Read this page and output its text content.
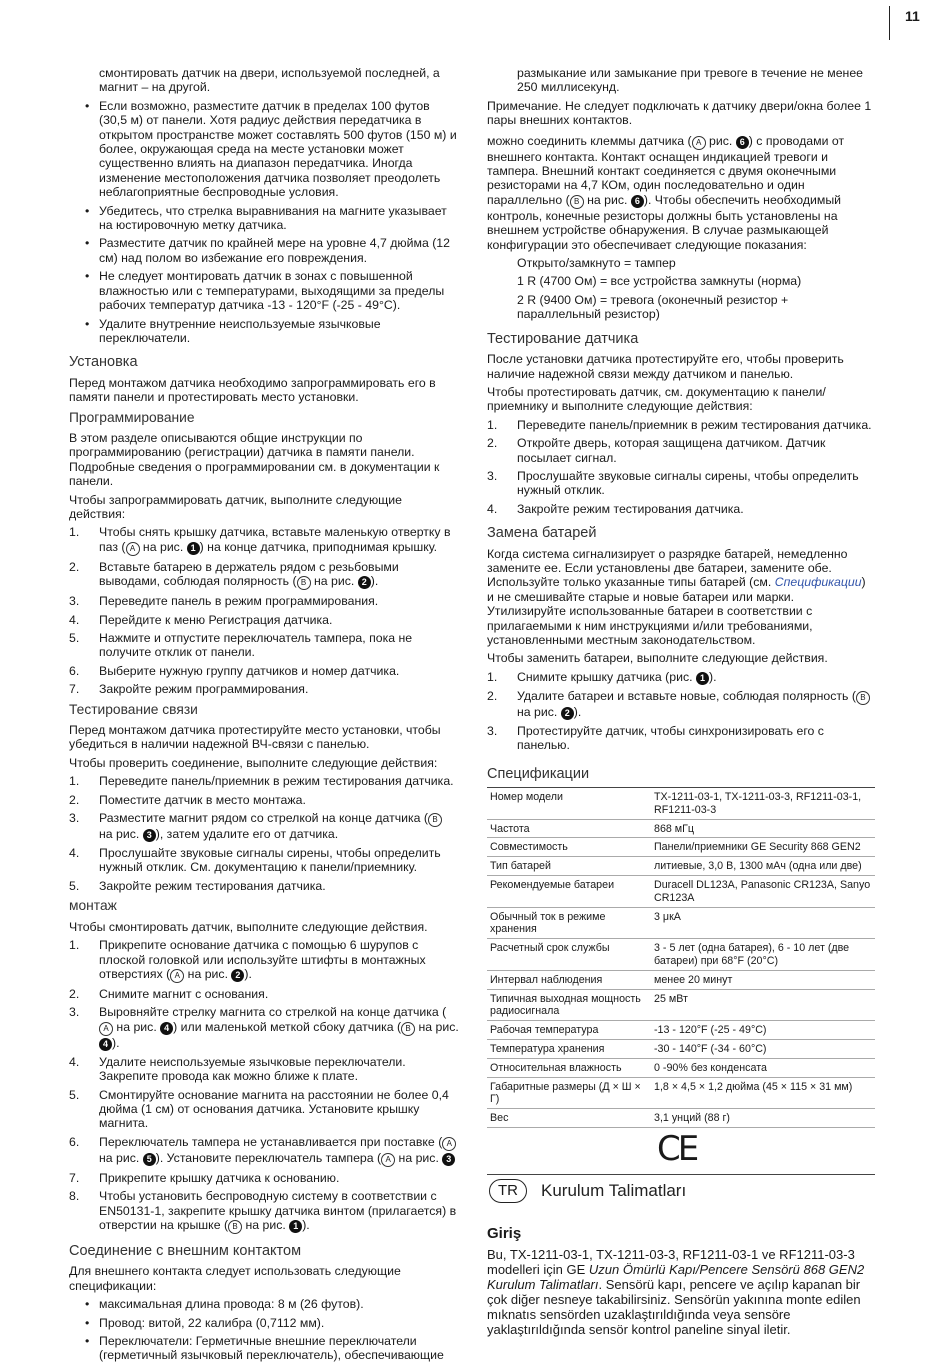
11
смонтировать датчик на двери, используемой последней, а магнит – на другой.
• Если возможно, разместите датчик в пределах 100 футов (30,5 м) от панели. Хотя радиус действия передатчика в открытом пространстве может составлять 500 футов (150 м) и более, окружающая среда на месте установки может существенно влиять на диапазон передатчика. Иногда изменение местоположения датчика позволяет преодолеть неблагоприятные беспроводные условия.
• Убедитесь, что стрелка выравнивания на магните указывает на юстировочную метку датчика.
• Разместите датчик по крайней мере на уровне 4,7 дюйма (12 см) над полом во избежание его повреждения.
• Не следует монтировать датчик в зонах с повышенной влажностью или с температурами, выходящими за пределы рабочих температур датчика -13 - 120°F (-25 - 49°C).
• Удалите внутренние неиспользуемые язычковые переключатели.
Установка

Перед монтажом датчика необходимо запрограммировать его в памяти панели и протестировать место установки.

Программирование

В этом разделе описываются общие инструкции по программированию (регистрации) датчика в памяти панели. Подробные сведения о программировании см. в документации к панели.

Чтобы запрограммировать датчик, выполните следующие действия:

1. Чтобы снять крышку датчика, вставьте маленькую отвертку в паз ( A на рис. 1 ) на конце датчика, приподнимая крышку.
2. Вставьте батарею в держатель рядом с резьбовыми выводами, соблюдая полярность ( B на рис. 2 ).
3. Переведите панель в режим программирования.
4. Перейдите к меню Регистрация датчика.
5. Нажмите и отпустите переключатель тампера, пока не получите отклик от панели.
6. Выберите нужную группу датчиков и номер датчика.
7. Закройте режим программирования.
Тестирование связи

Перед монтажом датчика протестируйте место установки, чтобы убедиться в наличии надежной ВЧ-связи с панелью.

Чтобы проверить соединение, выполните следующие действия:

1. Переведите панель/приемник в режим тестирования датчика.
2. Поместите датчик в место монтажа.
3. Разместите магнит рядом со стрелкой на конце датчика ( B на рис. 3 ), затем удалите его от датчика.
4. Прослушайте звуковые сигналы сирены, чтобы определить нужный отклик. См. документацию к панели/приемнику.
5. Закройте режим тестирования датчика.
монтаж

Чтобы смонтировать датчик, выполните следующие действия.

1. Прикрепите основание датчика с помощью 6 шурупов с плоской головкой или используйте штифты в монтажных отверстиях ( A на рис. 2 ).
2. Снимите магнит с основания.
3. Выровняйте стрелку магнита со стрелкой на конце датчика (A на рис. 4 ) или маленькой меткой сбоку датчика ( B на рис. 4 ).
4. Удалите неиспользуемые язычковые переключатели. Закрепите провода как можно ближе к плате.
5. Смонтируйте основание магнита на расстоянии не более 0,4 дюйма (1 см) от основания датчика. Установите крышку магнита.
6. Переключатель тампера не устанавливается при поставке ( A на рис. 5 ). Установите переключатель тампера ( A на рис. 3
7. Прикрепите крышку датчика к основанию.
8. Чтобы установить беспроводную систему в соответствии с EN50131-1, закрепите крышку датчика винтом (прилагается) в отверстии на крышке ( B на рис. 1 ).
Соединение с внешним контактом

Для внешнего контакта следует использовать следующие спецификации:

• максимальная длина провода: 8 м (26 футов).
• Провод: витой, 22 калибра (0,7112 мм).
• Переключатели: Герметичные внешние переключатели (герметичный язычковый переключатель), обеспечивающие
размыкание или замыкание при тревоге в течение не менее 250 миллисекунд.

Примечание. Не следует подключать к датчику двери/окна более 1 пары внешних контактов.

можно соединить клеммы датчика ( A рис. 6 ) с проводами от внешнего контакта. Контакт оснащен индикацией тревоги и тампера. Внешний контакт соединяется с двумя оконечными резисторами на 4,7 КОм, один последовательно и один параллельно ( B на рис. 6 ). Чтобы обеспечить необходимый контроль, конечные резисторы должны быть установлены на внешнем устройстве обнаружения. В случае размыкающей конфигурации это обеспечивает следующие показания:

Открыто/замкнуто = тампер
1 R (4700 Ом) = все устройства замкнуты (норма)
2 R (9400 Ом) = тревога (оконечный резистор + параллельный резистор)
Тестирование датчика

После установки датчика протестируйте его, чтобы проверить наличие надежной связи между датчиком и панелью.

Чтобы протестировать датчик, см. документацию к панели/приемнику и выполните следующие действия:

1. Переведите панель/приемник в режим тестирования датчика.
2. Откройте дверь, которая защищена датчиком. Датчик посылает сигнал.
3. Прослушайте звуковые сигналы сирены, чтобы определить нужный отклик.
4. Закройте режим тестирования датчика.
Замена батарей

Когда система сигнализирует о разрядке батарей, немедленно замените ее. Если установлены две батареи, замените обе. Используйте только указанные типы батарей (см. Спецификации) и не смешивайте старые и новые батареи или марки. Утилизируйте использованные батареи в соответствии с прилагаемыми к ним инструкциями и/или требованиями, установленными местным законодательством.

Чтобы заменить батареи, выполните следующие действия.

1. Снимите крышку датчика (рис. 1 ).
2. Удалите батареи и вставьте новые, соблюдая полярность ( B на рис. 2 ).
3. Протестируйте датчик, чтобы синхронизировать его с панелью.
Спецификации
Номер модели	TX-1211-03-1, TX-1211-03-3, RF1211-03-1, RF1211-03-3
Частота	868 мГц
Совместимость	Панели/приемники GE Security 868 GEN2
Тип батарей	литиевые, 3,0 В, 1300 мАч (одна или две)
Рекомендуемые батареи	Duracell DL123A, Panasonic CR123A, Sanyo CR123A
Обычный ток в режиме хранения	3 μкА
Расчетный срок службы	3 - 5 лет (одна батарея), 6 - 10 лет (две батареи) при 68°F (20°C)
Интервал наблюдения	менее 20 минут
Типичная выходная мощность радиосигнала	25 мВт
Рабочая температура	-13 - 120°F (-25 - 49°C)
Температура хранения	-30 - 140°F (-34 - 60°C)
Относительная влажность	0 -90% без конденсата
Габаритные размеры (Д × Ш × Г)	1,8 × 4,5 × 1,2 дюйма (45 × 115 × 31 мм)
Вес	3,1 унций (88 г)
CE
TR	Kurulum Talimatları
Giriş

Bu, TX-1211-03-1, TX-1211-03-3, RF1211-03-1 ve RF1211-03-3 modelleri için GE Uzun Ömürlü Kapı/Pencere Sensörü 868 GEN2 Kurulum Talimatları. Sensörü kapı, pencere ve açılıp kapanan bir çok diğer nesneye takabilirsiniz. Sensörün yakınına monte edilen mıknatıs sensörden uzaklaştırıldığında veya sensöre yaklaştırıldığında sensör kontrol paneline sinyal iletir.
